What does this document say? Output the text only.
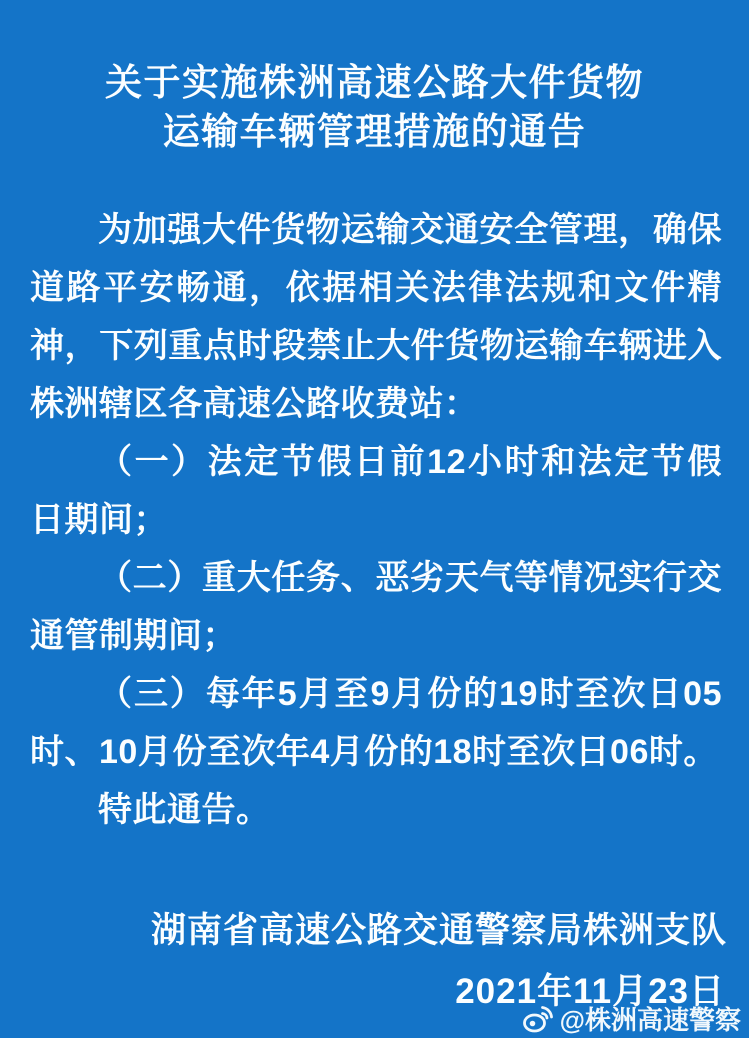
关于实施株洲高速公路大件货物
运输车辆管理措施的通告

为加强大件货物运输交通安全管理，确保道路平安畅通，依据相关法律法规和文件精神，下列重点时段禁止大件货物运输车辆进入株洲辖区各高速公路收费站：

（一）法定节假日前12小时和法定节假日期间；

（二）重大任务、恶劣天气等情况实行交通管制期间；

（三）每年5月至9月份的19时至次日05时、10月份至次年4月份的18时至次日06时。

特此通告。

湖南省高速公路交通警察局株洲支队
2021年11月23日
@株洲高速警察
